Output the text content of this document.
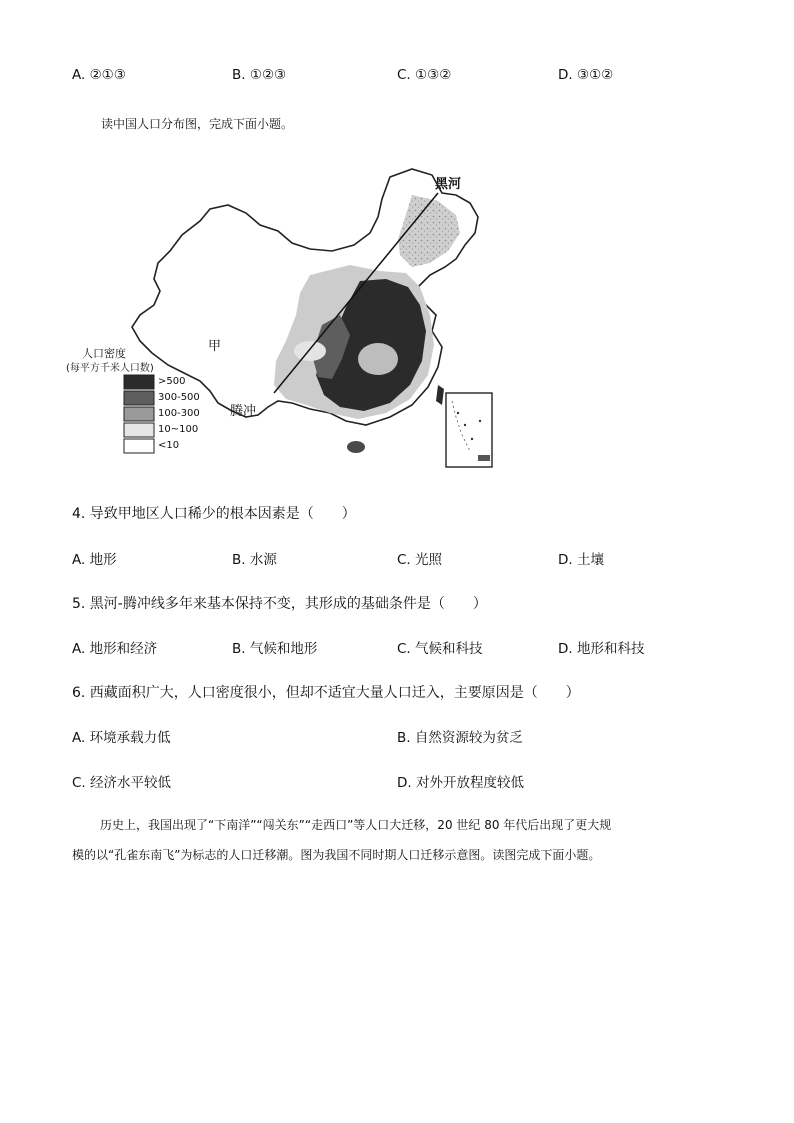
A. ②①③	B. ①②③	C. ①③②	D. ③①②
读中国人口分布图，完成下面小题。
黑河
甲
腾冲
人口密度
(每平方千米人口数)
>500
300-500
100-300
10~100
<10
4. 导致甲地区人口稀少的根本因素是（　　）
A. 地形	B. 水源	C. 光照	D. 土壤
5. 黑河-腾冲线多年来基本保持不变，其形成的基础条件是（　　）
A. 地形和经济	B. 气候和地形	C. 气候和科技	D. 地形和科技
6. 西藏面积广大，人口密度很小，但却不适宜大量人口迁入，主要原因是（　　）
A. 环境承载力低	B. 自然资源较为贫乏
C. 经济水平较低	D. 对外开放程度较低
历史上，我国出现了“下南洋”“闯关东”“走西口”等人口大迁移，20 世纪 80 年代后出现了更大规
模的以“孔雀东南飞”为标志的人口迁移潮。图为我国不同时期人口迁移示意图。读图完成下面小题。
